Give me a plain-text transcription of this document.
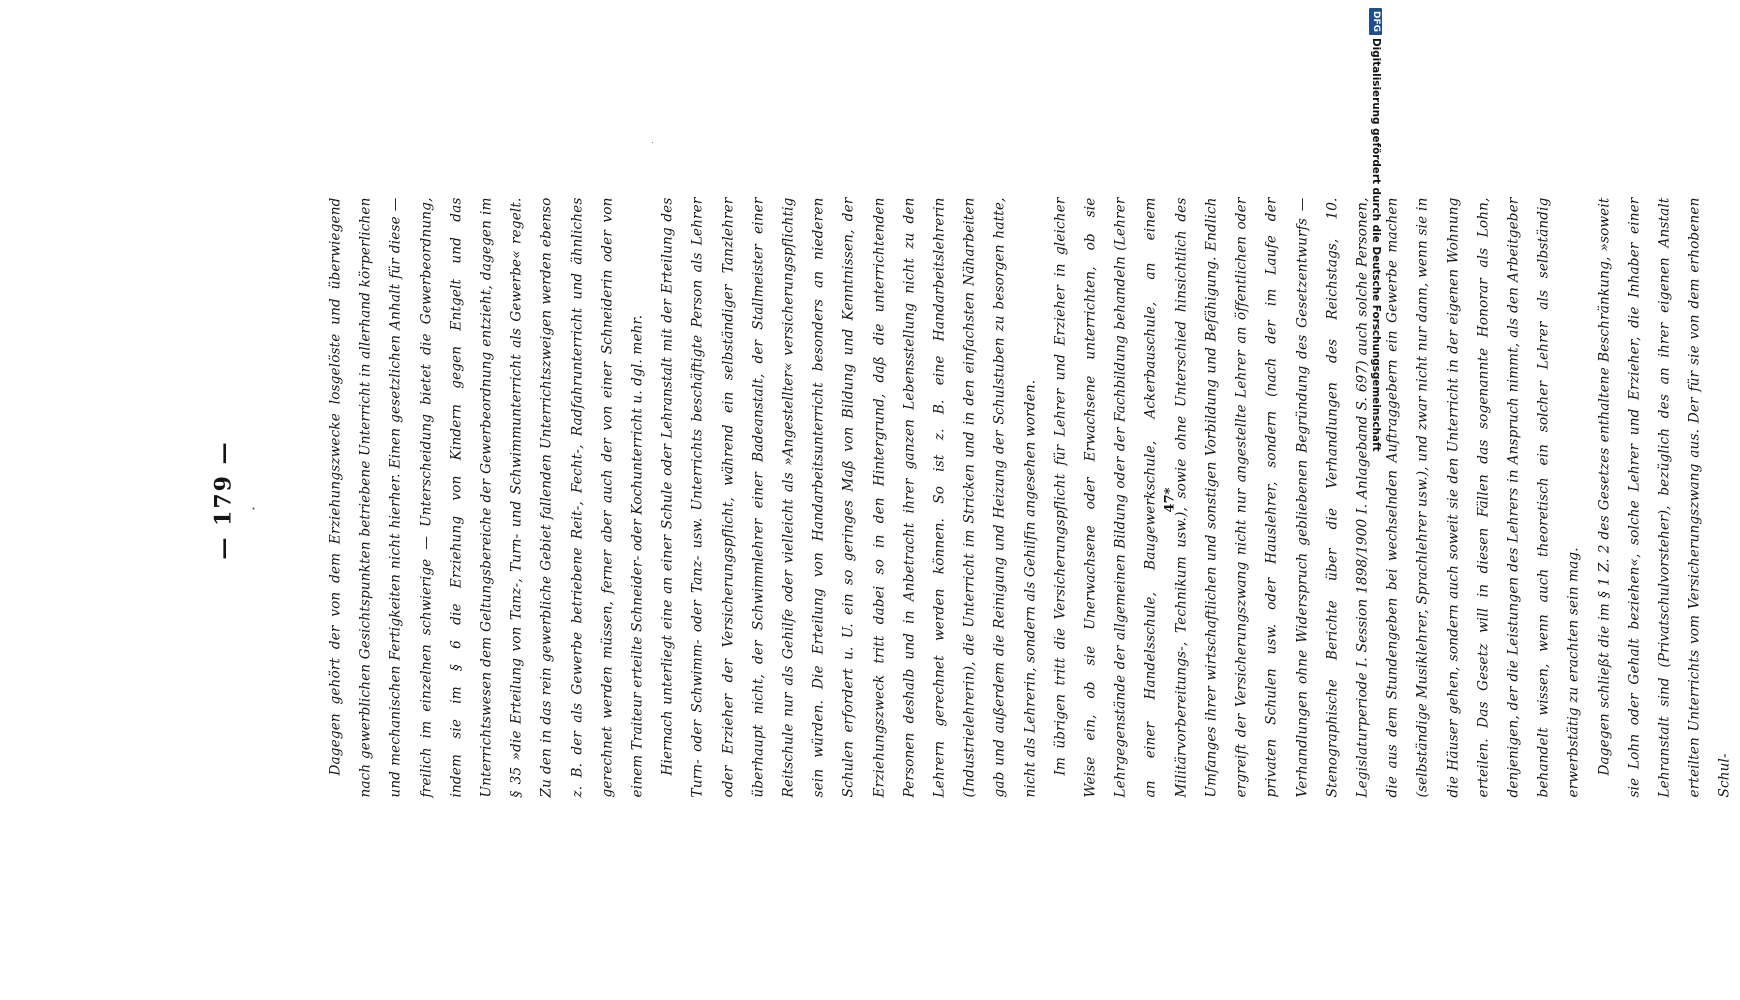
— 179 —	Dagegen gehört der von dem Erziehungszwecke losgelöste und überwiegend nach gewerblichen Gesichtspunkten betriebene Unterricht in allerhand körperlichen und mechanischen Fertigkeiten nicht hierher. Einen gesetzlichen Anhalt für diese — freilich im einzelnen schwierige — Unterscheidung bietet die Gewerbeordnung, indem sie im § 6 die Erziehung von Kindern gegen Entgelt und das Unterrichtswesen dem Geltungsbereiche der Gewerbeordnung entzieht, dagegen im § 35 »die Erteilung von Tanz-, Turn- und Schwimmunterricht als Gewerbe« regelt. Zu den in das rein gewerbliche Gebiet fallenden Unterrichtszweigen werden ebenso z. B. der als Gewerbe betriebene Reit-, Fecht-, Radfahrunterricht und ähnliches gerechnet werden müssen, ferner aber auch der von einer Schneiderin oder von einem Traiteur erteilte Schneider- oder Kochunterricht u. dgl. mehr.	Hiernach unterliegt eine an einer Schule oder Lehranstalt mit der Erteilung des Turn- oder Schwimm- oder Tanz- usw. Unterrichts beschäftigte Person als Lehrer oder Erzieher der Versicherungspflicht, während ein selbständiger Tanzlehrer überhaupt nicht, der Schwimmlehrer einer Badeanstalt, der Stallmeister einer Reitschule nur als Gehilfe oder vielleicht als »Angestellter« versicherungspflichtig sein würden. Die Erteilung von Handarbeitsunterricht besonders an niederen Schulen erfordert u. U. ein so geringes Maß von Bildung und Kenntnissen, der Erziehungszweck tritt dabei so in den Hintergrund, daß die unterrichtenden Personen deshalb und in Anbetracht ihrer ganzen Lebensstellung nicht zu den Lehrern gerechnet werden können. So ist z. B. eine Handarbeitslehrerin (Industrielehrerin), die Unterricht im Stricken und in den einfachsten Näharbeiten gab und außerdem die Reinigung und Heizung der Schulstuben zu besorgen hatte, nicht als Lehrerin, sondern als Gehilfin angesehen worden.	Im übrigen tritt die Versicherungspflicht für Lehrer und Erzieher in gleicher Weise ein, ob sie Unerwachsene oder Erwachsene unterrichten, ob sie Lehrgegenstände der allgemeinen Bildung oder der Fachbildung behandeln (Lehrer an einer Handelsschule, Baugewerkschule, Ackerbauschule, an einem Militärvorbereitungs-, Technikum usw.), sowie ohne Unterschied hinsichtlich des Umfanges ihrer wirtschaftlichen und sonstigen Vorbildung und Befähigung. Endlich ergreift der Versicherungszwang nicht nur angestellte Lehrer an öffentlichen oder privaten Schulen usw. oder Hauslehrer, sondern (nach der im Laufe der Verhandlungen ohne Widerspruch gebliebenen Begründung des Gesetzentwurfs — Stenographische Berichte über die Verhandlungen des Reichstags, 10. Legislaturperiode I. Session 1898/1900 I. Anlageband S. 697) auch solche Personen, die aus dem Stundengeben bei wechselnden Auftraggebern ein Gewerbe machen (selbständige Musiklehrer, Sprachlehrer usw.), und zwar nicht nur dann, wenn sie in die Häuser gehen, sondern auch soweit sie den Unterricht in der eigenen Wohnung erteilen. Das Gesetz will in diesen Fällen das sogenannte Honorar als Lohn, denjenigen, der die Leistungen des Lehrers in Anspruch nimmt, als den Arbeitgeber behandelt wissen, wenn auch theoretisch ein solcher Lehrer als selbständig erwerbstätig zu erachten sein mag.	Dagegen schließt die im § 1 Z. 2 des Gesetzes enthaltene Beschränkung, »soweit sie Lohn oder Gehalt beziehen«, solche Lehrer und Erzieher, die Inhaber einer Lehranstalt sind (Privatschulvorsteher), bezüglich des an ihrer eigenen Anstalt erteilten Unterrichts vom Versicherungszwang aus. Der für sie von dem erhobenen Schul-

47*
DFGDigitalisierung gefördert durch die Deutsche Forschungsgemeinschaft
